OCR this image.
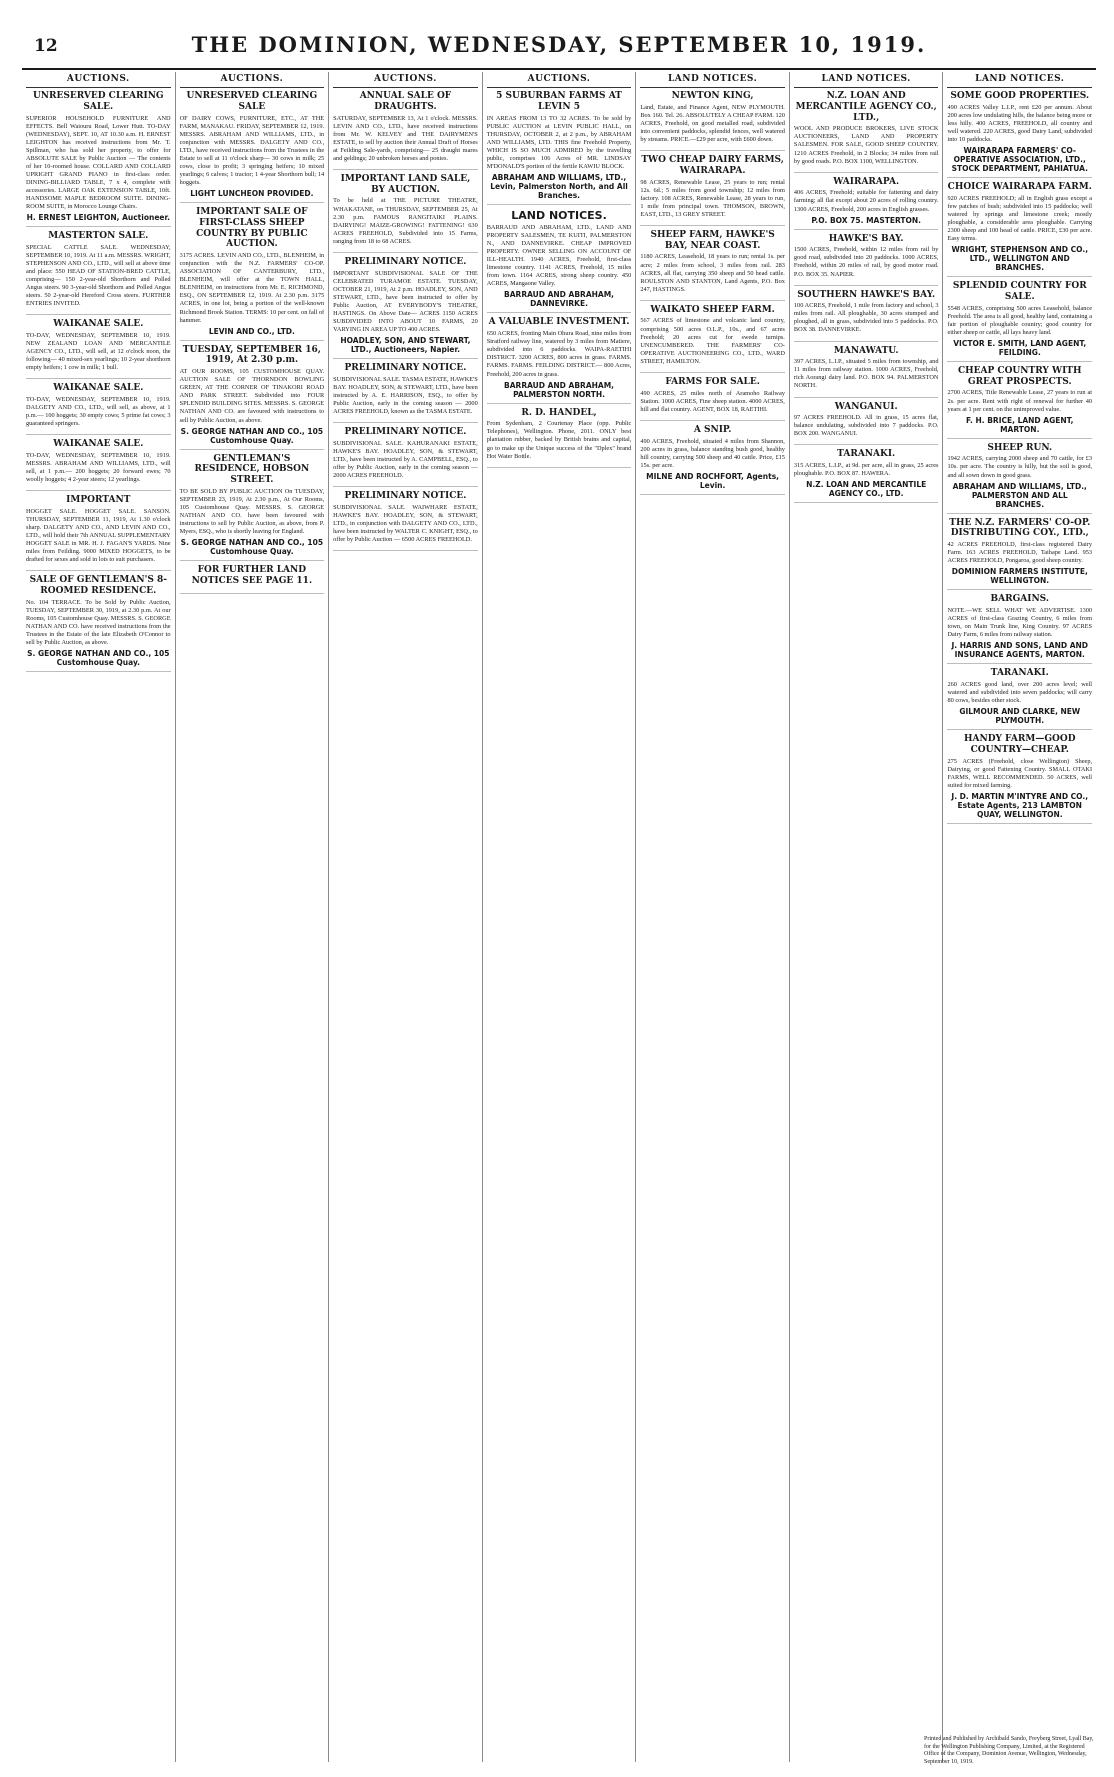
12	THE DOMINION, WEDNESDAY, SEPTEMBER 10, 1919.
AUCTIONS.
UNRESERVED CLEARING SALE.

SUPERIOR HOUSEHOLD FURNITURE AND EFFECTS. Bell Waiouru Road, Lower Hutt. TO-DAY (WEDNESDAY), SEPT. 10, AT 10.30 a.m. H. ERNEST LEIGHTON has received instructions from Mr. T. Spillman, who has sold her property, to offer for ABSOLUTE SALE by Public Auction — The contents of her 10-roomed house. COLLARD AND COLLARD UPRIGHT GRAND PIANO in first-class order. DINING-BILLIARD TABLE, 7 x 4, complete with accessories. LARGE OAK EXTENSION TABLE, 10ft. HANDSOME MAPLE BEDROOM SUITE. DINING-ROOM SUITE, in Morocco Lounge Chairs.

H. ERNEST LEIGHTON, Auctioneer.
MASTERTON SALE.

SPECIAL CATTLE SALE. WEDNESDAY, SEPTEMBER 10, 1919. At 11 a.m. MESSRS. WRIGHT, STEPHENSON AND CO., LTD., will sell at above time and place: 550 HEAD OF STATION-BRED CATTLE, comprising— 150 2-year-old Shorthorn and Polled Angus steers. 90 3-year-old Shorthorn and Polled Angus steers. 50 2-year-old Hereford Cross steers. FURTHER ENTRIES INVITED.

WAIKANAE SALE.

TO-DAY, WEDNESDAY, SEPTEMBER 10, 1919. NEW ZEALAND LOAN AND MERCANTILE AGENCY CO., LTD., will sell, at 12 o'clock noon, the following— 40 mixed-sex yearlings; 10 2-year shorthorn empty heifers; 1 cow in milk; 1 bull.

WAIKANAE SALE.

TO-DAY, WEDNESDAY, SEPTEMBER 10, 1919. DALGETY AND CO., LTD., will sell, as above, at 1 p.m.— 100 hoggets; 30 empty cows; 5 prime fat cows; 3 guaranteed springers.

WAIKANAE SALE.

TO-DAY, WEDNESDAY, SEPTEMBER 10, 1919. MESSRS. ABRAHAM AND WILLIAMS, LTD., will sell, at 1 p.m.— 200 hoggets; 20 forward ewes; 70 woolly hoggets; 4 2-year steers; 12 yearlings.

IMPORTANT

HOGGET SALE. HOGGET SALE. SANSON. THURSDAY, SEPTEMBER 11, 1919, At 1.30 o'clock sharp. DALGETY AND CO., AND LEVIN AND CO., LTD., will hold their 7th ANNUAL SUPPLEMENTARY HOGGET SALE in MR. H. J. FAGAN'S YARDS. Nine miles from Feilding. 9000 MIXED HOGGETS, to be drafted for sexes and sold in lots to suit purchasers.

SALE OF GENTLEMAN'S 8-ROOMED RESIDENCE.

No. 104 TERRACE. To be Sold by Public Auction, TUESDAY, SEPTEMBER 30, 1919, at 2.30 p.m. At our Rooms, 105 Customhouse Quay. MESSRS. S. GEORGE NATHAN AND CO. have received instructions from the Trustees in the Estate of the late Elizabeth O'Connor to sell by Public Auction, as above.

S. GEORGE NATHAN AND CO., 105 Customhouse Quay.
AUCTIONS.
UNRESERVED CLEARING SALE

OF DAIRY COWS, FURNITURE, ETC., AT THE FARM, MANAKAU. FRIDAY, SEPTEMBER 12, 1919. MESSRS. ABRAHAM AND WILLIAMS, LTD., in conjunction with MESSRS. DALGETY AND CO., LTD., have received instructions from the Trustees in the Estate to sell at 11 o'clock sharp— 30 cows in milk; 25 cows, close to profit; 3 springing heifers; 10 mixed yearlings; 6 calves; 1 tractor; 1 4-year Shorthorn bull; 14 hoggets.

LIGHT LUNCHEON PROVIDED.
IMPORTANT SALE OF FIRST-CLASS SHEEP COUNTRY BY PUBLIC AUCTION.

3175 ACRES. LEVIN AND CO., LTD., BLENHEIM, in conjunction with the N.Z. FARMERS' CO-OP. ASSOCIATION OF CANTERBURY, LTD., BLENHEIM, will offer at the TOWN HALL, BLENHEIM, on instructions from Mr. E. RICHMOND, ESQ., ON SEPTEMBER 12, 1919. At 2.30 p.m. 3175 ACRES, in one lot, being a portion of the well-known Richmond Brook Station. TERMS: 10 per cent. on fall of hammer.

LEVIN AND CO., LTD.
TUESDAY, SEPTEMBER 16, 1919, At 2.30 p.m.

AT OUR ROOMS, 105 CUSTOMHOUSE QUAY. AUCTION SALE OF THORNDON BOWLING GREEN, AT THE CORNER OF TINAKORI ROAD AND PARK STREET. Subdivided into FOUR SPLENDID BUILDING SITES. MESSRS. S. GEORGE NATHAN AND CO. are favoured with instructions to sell by Public Auction, as above.

S. GEORGE NATHAN AND CO., 105 Customhouse Quay.
GENTLEMAN'S RESIDENCE, HOBSON STREET.

TO BE SOLD BY PUBLIC AUCTION On TUESDAY, SEPTEMBER 23, 1919, At 2.30 p.m., At Our Rooms, 105 Customhouse Quay. MESSRS. S. GEORGE NATHAN AND CO. have been favoured with instructions to sell by Public Auction, as above, from P. Myers, ESQ., who is shortly leaving for England.

S. GEORGE NATHAN AND CO., 105 Customhouse Quay.
FOR FURTHER LAND NOTICES SEE PAGE 11.
AUCTIONS.
ANNUAL SALE OF DRAUGHTS.

SATURDAY, SEPTEMBER 13, At 1 o'clock. MESSRS. LEVIN AND CO., LTD., have received instructions from Mr. W. KELVEY and THE DAIRYMEN'S ESTATE, to sell by auction their Annual Draft of Horses at Feilding Sale-yards, comprising— 25 draught mares and geldings; 20 unbroken horses and ponies.

IMPORTANT LAND SALE, BY AUCTION.

To be held at THE PICTURE THEATRE, WHAKATANE, on THURSDAY, SEPTEMBER 25, At 2.30 p.m. FAMOUS RANGITAIKI PLAINS. DAIRYING! MAIZE-GROWING! FATTENING! 630 ACRES FREEHOLD, Subdivided into 15 Farms, ranging from 18 to 68 ACRES.

PRELIMINARY NOTICE.

IMPORTANT SUBDIVISIONAL SALE OF THE CELEBRATED TURAMOE ESTATE. TUESDAY, OCTOBER 21, 1919, At 2 p.m. HOADLEY, SON, AND STEWART, LTD., have been instructed to offer by Public Auction, AT EVERYBODY'S THEATRE, HASTINGS. On Above Date— ACRES 1150 ACRES SUBDIVIDED INTO ABOUT 10 FARMS, 20 VARYING IN AREA UP TO 400 ACRES.

HOADLEY, SON, AND STEWART, LTD., Auctioneers, Napier.
PRELIMINARY NOTICE.

SUBDIVISIONAL SALE. TASMA ESTATE, HAWKE'S BAY. HOADLEY, SON, & STEWART, LTD., have been instructed by A. E. HARRISON, ESQ., to offer by Public Auction, early in the coming season — 2000 ACRES FREEHOLD, known as the TASMA ESTATE.

PRELIMINARY NOTICE.

SUBDIVISIONAL SALE. KAHURANAKI ESTATE, HAWKE'S BAY. HOADLEY, SON, & STEWART, LTD., have been instructed by A. CAMPBELL, ESQ., to offer by Public Auction, early in the coming season — 2000 ACRES FREEHOLD.

PRELIMINARY NOTICE.

SUBDIVISIONAL SALE. WAIWHARE ESTATE, HAWKE'S BAY. HOADLEY, SON, & STEWART, LTD., in conjunction with DALGETY AND CO., LTD., have been instructed by WALTER C. KNIGHT, ESQ., to offer by Public Auction — 6500 ACRES FREEHOLD.

AUCTIONS.
5 SUBURBAN FARMS AT LEVIN 5

IN AREAS FROM 13 TO 32 ACRES. To be sold by PUBLIC AUCTION at LEVIN PUBLIC HALL, on THURSDAY, OCTOBER 2, at 2 p.m., by ABRAHAM AND WILLIAMS, LTD. THIS fine Freehold Property, WHICH IS SO MUCH ADMIRED by the travelling public, comprises 106 Acres of MR. LINDSAY M'DONALD'S portion of the fertile KAWIU BLOCK.

ABRAHAM AND WILLIAMS, LTD., Levin, Palmerston North, and All Branches.
LAND NOTICES.

BARRAUD AND ABRAHAM, LTD., LAND AND PROPERTY SALESMEN, TE KUITI, PALMERSTON N., AND DANNEVIRKE. CHEAP IMPROVED PROPERTY. OWNER SELLING ON ACCOUNT OF ILL-HEALTH. 1940 ACRES, Freehold, first-class limestone country. 1141 ACRES, Freehold, 15 miles from town. 1164 ACRES, strong sheep country. 450 ACRES, Mangaone Valley.

BARRAUD AND ABRAHAM, DANNEVIRKE.
A VALUABLE INVESTMENT.

650 ACRES, fronting Main Ohura Road, nine miles from Stratford railway line, watered by 3 miles from Matiere, subdivided into 6 paddocks. WAIPA-RAETIHI DISTRICT. 3200 ACRES, 800 acres in grass. FARMS. FARMS. FARMS. FEILDING DISTRICT.— 800 Acres, Freehold, 200 acres in grass.

BARRAUD AND ABRAHAM, PALMERSTON NORTH.
R. D. HANDEL,

From Sydenham, 2 Courtenay Place (opp. Public Telephones), Wellington. Phone, 2011. ONLY best plantation rubber, backed by British brains and capital, go to make up the Unique success of the "Dplex" brand Hot Water Bottle.

LAND NOTICES.
NEWTON KING,

Land, Estate, and Finance Agent, NEW PLYMOUTH. Box 160. Tel. 26. ABSOLUTELY A CHEAP FARM. 120 ACRES, Freehold, on good metalled road, subdivided into convenient paddocks, splendid fences, well watered by streams. PRICE.—£29 per acre, with £600 down.

TWO CHEAP DAIRY FARMS, WAIRARAPA.

98 ACRES, Renewable Lease, 25 years to run; rental 12s. 6d.; 5 miles from good township; 12 miles from factory. 108 ACRES, Renewable Lease, 28 years to run, 1 mile from principal town. THOMSON, BROWN, EAST, LTD., 13 GREY STREET.

SHEEP FARM, HAWKE'S BAY, NEAR COAST.

1180 ACRES, Leasehold, 18 years to run; rental 1s. per acre; 2 miles from school, 3 miles from rail. 283 ACRES, all flat, carrying 350 sheep and 50 head cattle. ROULSTON AND STANTON, Land Agents, P.O. Box 247, HASTINGS.

WAIKATO SHEEP FARM.

567 ACRES of limestone and volcanic land country, comprising 500 acres O.L.P., 10s., and 67 acres Freehold; 20 acres cut for swede turnips. UNENCUMBERED. THE FARMERS' CO-OPERATIVE AUCTIONEERING CO., LTD., WARD STREET, HAMILTON.

FARMS FOR SALE.

490 ACRES, 25 miles north of Aramoho Railway Station. 1000 ACRES, Fine sheep station. 4000 ACRES, hill and flat country. AGENT, BOX 18, RAETIHI.

A SNIP.

490 ACRES, Freehold, situated 4 miles from Shannon, 200 acres in grass, balance standing bush good, healthy hill country, carrying 500 sheep and 40 cattle. Price, £15 15s. per acre.

MILNE AND ROCHFORT, Agents, Levin.
LAND NOTICES.
N.Z. LOAN AND MERCANTILE AGENCY CO., LTD.,

WOOL AND PRODUCE BROKERS, LIVE STOCK AUCTIONEERS, LAND AND PROPERTY SALESMEN. FOR SALE, GOOD SHEEP COUNTRY. 1210 ACRES Freehold, in 2 Blocks; 34 miles from rail by good roads. P.O. BOX 1100, WELLINGTON.

WAIRARAPA.

406 ACRES, Freehold; suitable for fattening and dairy farming; all flat except about 20 acres of rolling country. 1300 ACRES, Freehold, 200 acres in English grasses.

P.O. BOX 75. MASTERTON.
HAWKE'S BAY.

1500 ACRES, Freehold, within 12 miles from rail by good road, subdivided into 20 paddocks. 1000 ACRES, Freehold, within 20 miles of rail, by good motor road. P.O. BOX 35. NAPIER.

SOUTHERN HAWKE'S BAY.

100 ACRES, Freehold, 1 mile from factory and school, 3 miles from rail. All ploughable, 30 acres stumped and ploughed, all in grass, subdivided into 5 paddocks. P.O. BOX 38. DANNEVIRKE.

MANAWATU.

397 ACRES, L.I.P., situated 5 miles from township, and 11 miles from railway station. 1000 ACRES, Freehold, rich Aorangi dairy land. P.O. BOX 94. PALMERSTON NORTH.

WANGANUI.

97 ACRES FREEHOLD. All in grass, 15 acres flat, balance undulating, subdivided into 7 paddocks. P.O. BOX 200. WANGANUI.

TARANAKI.

315 ACRES, L.I.P., at 9d. per acre, all in grass, 25 acres ploughable. P.O. BOX 87. HAWERA.

N.Z. LOAN AND MERCANTILE AGENCY CO., LTD.
LAND NOTICES.
SOME GOOD PROPERTIES.

490 ACRES Valley L.I.P., rent £20 per annum. About 200 acres low undulating hills, the balance being more or less hilly. 400 ACRES, FREEHOLD, all country and well watered. 220 ACRES, good Dairy Land, subdivided into 10 paddocks.

WAIRARAPA FARMERS' CO-OPERATIVE ASSOCIATION, LTD., STOCK DEPARTMENT, PAHIATUA.
CHOICE WAIRARAPA FARM.

920 ACRES FREEHOLD; all in English grass except a few patches of bush; subdivided into 15 paddocks; well watered by springs and limestone creek; mostly ploughable, a considerable area ploughable. Carrying 2300 sheep and 100 head of cattle. PRICE, £30 per acre. Easy terms.

WRIGHT, STEPHENSON AND CO., LTD., WELLINGTON AND BRANCHES.
SPLENDID COUNTRY FOR SALE.

5548 ACRES, comprising 500 acres Leasehold, balance Freehold. The area is all good, healthy land, containing a fair portion of ploughable country; good country for either sheep or cattle, all lays heavy land.

VICTOR E. SMITH, LAND AGENT, FEILDING.
CHEAP COUNTRY WITH GREAT PROSPECTS.

2700 ACRES, Title Renewable Lease, 27 years to run at 2s. per acre. Rent with right of renewal for further 40 years at 1 per cent. on the unimproved value.

F. H. BRICE, LAND AGENT, MARTON.
SHEEP RUN.

1942 ACRES, carrying 2000 sheep and 70 cattle, for £3 10s. per acre. The country is hilly, but the soil is good, and all sown down in good grass.

ABRAHAM AND WILLIAMS, LTD., PALMERSTON AND ALL BRANCHES.
THE N.Z. FARMERS' CO-OP. DISTRIBUTING COY., LTD.,

42 ACRES FREEHOLD, first-class registered Dairy Farm. 163 ACRES FREEHOLD, Taihape Land. 953 ACRES FREEHOLD, Pongaroa, good sheep country.

DOMINION FARMERS INSTITUTE, WELLINGTON.
BARGAINS.

NOTE.—WE SELL WHAT WE ADVERTISE. 1300 ACRES of first-class Grazing Country, 6 miles from town, on Main Trunk line, King Country. 97 ACRES Dairy Farm, 6 miles from railway station.

J. HARRIS AND SONS, LAND AND INSURANCE AGENTS, MARTON.
TARANAKI.

260 ACRES good land, over 200 acres level; well watered and subdivided into seven paddocks; will carry 80 cows, besides other stock.

GILMOUR AND CLARKE, NEW PLYMOUTH.
HANDY FARM—GOOD COUNTRY—CHEAP.

275 ACRES (Freehold, close Wellington) Sheep, Dairying, or good Fattening Country. SMALL OTAKI FARMS, WELL RECOMMENDED. 50 ACRES, well suited for mixed farming.

J. D. MARTIN M'INTYRE AND CO., Estate Agents, 213 LAMBTON QUAY, WELLINGTON.
Printed and Published by Archibald Sando, Freyberg Street, Lyall Bay, for the Wellington Publishing Company, Limited, at the Registered Office of the Company, Dominion Avenue, Wellington, Wednesday, September 10, 1919.
